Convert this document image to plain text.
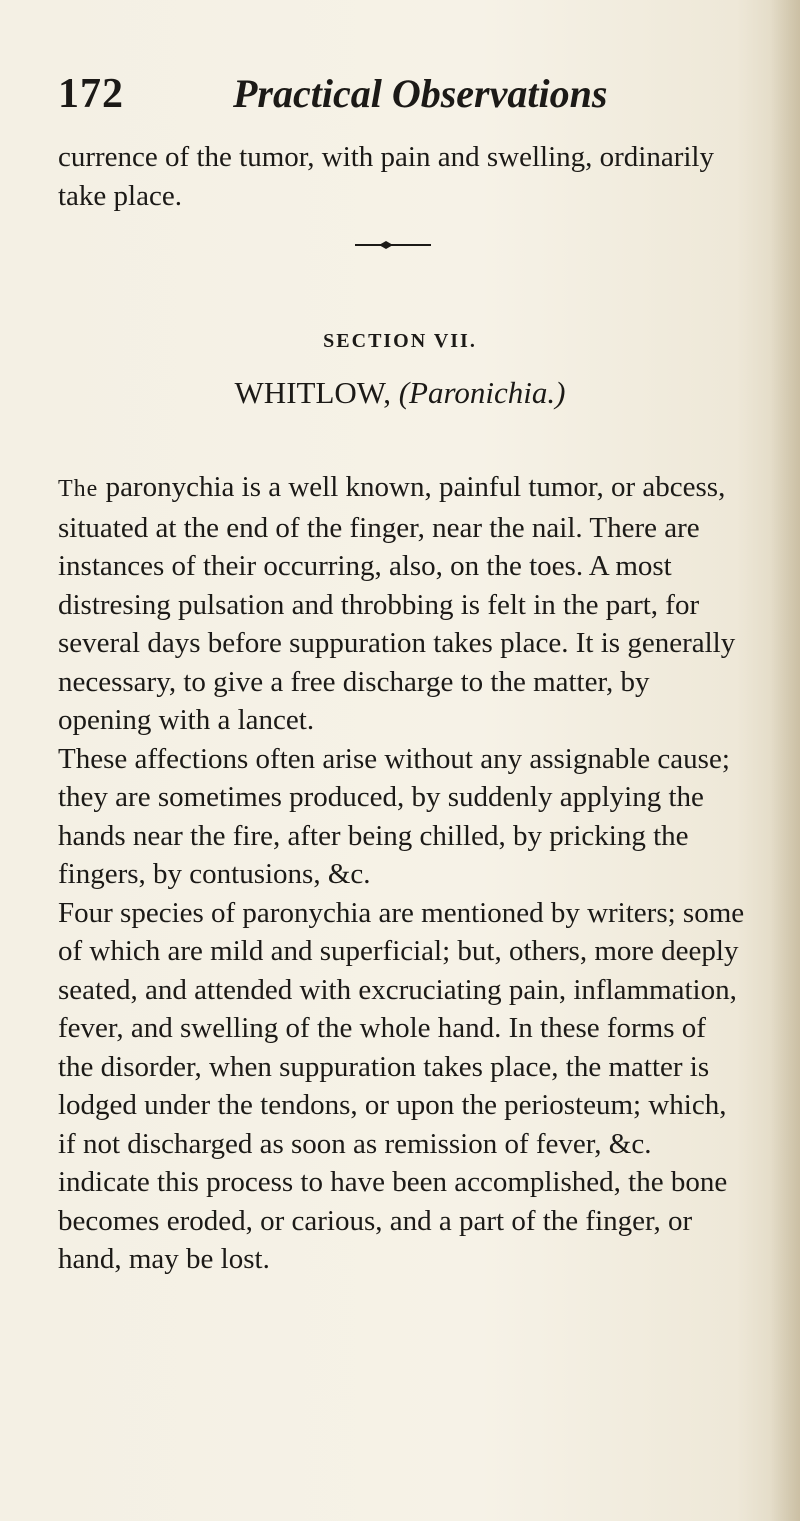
172	Practical Observations
currence of the tumor, with pain and swelling, ordinarily take place.
SECTION VII.
WHITLOW, (Paronichia.)

The paronychia is a well known, painful tumor, or abcess, situated at the end of the finger, near the nail. There are instances of their occurring, also, on the toes. A most distresing pulsation and throbbing is felt in the part, for several days before suppuration takes place. It is generally necessary, to give a free discharge to the matter, by opening with a lancet.

These affections often arise without any assignable cause; they are sometimes produced, by suddenly applying the hands near the fire, after being chilled, by pricking the fingers, by contusions, &c.

Four species of paronychia are mentioned by writers; some of which are mild and superficial; but, others, more deeply seated, and attended with excruciating pain, inflammation, fever, and swelling of the whole hand. In these forms of the disorder, when suppuration takes place, the matter is lodged under the tendons, or upon the periosteum; which, if not discharged as soon as remission of fever, &c. indicate this process to have been accomplished, the bone becomes eroded, or carious, and a part of the finger, or hand, may be lost.
